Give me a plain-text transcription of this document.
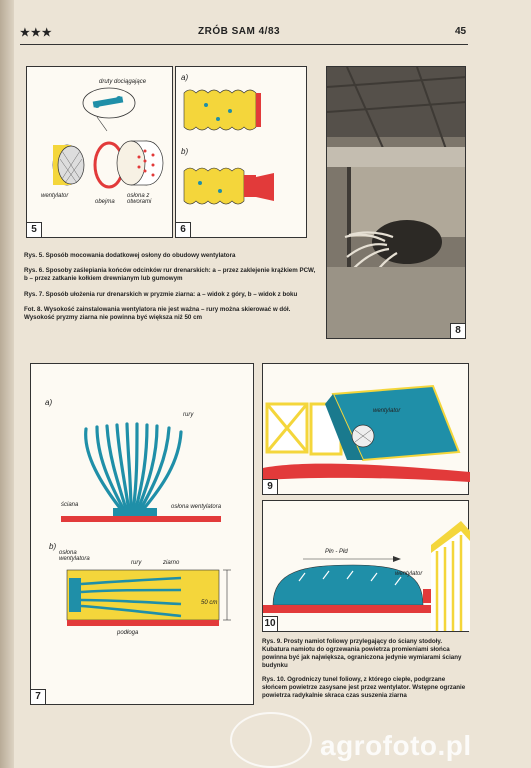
★★★	ZRÓB SAM 4/83	45
druty dociągające
wentylator
obejma
osłona z otworami
5
a)
b)
6
8
Rys. 5. Sposób mocowania dodatkowej osłony do obudowy wentylatora
Rys. 6. Sposoby zaślepiania końców odcinków rur drenarskich: a – przez zaklejenie krążkiem PCW, b – przez zatkanie kołkiem drewnianym lub gumowym
Rys. 7. Sposób ułożenia rur drenarskich w pryzmie ziarna: a – widok z góry, b – widok z boku
Fot. 8. Wysokość zainstalowania wentylatora nie jest ważna – rury można skierować w dół. Wysokość pryzmy ziarna nie powinna być większa niż 50 cm
a)
b)
rury
ściana	osłona wentylatora
osłona wentylatora
rury	ziarno
50 cm
podłoga
7
wentylator
9
Płn - Płd
wentylator
10
Rys. 9. Prosty namiot foliowy przylegający do ściany stodoły. Kubatura namiotu do ogrzewania powietrza promieniami słońca powinna być jak największa, ograniczona jedynie wymiarami ściany budynku
Rys. 10. Ogrodniczy tunel foliowy, z którego ciepłe, podgrzane słońcem powietrze zasysane jest przez wentylator. Wstępne ogrzanie powietrza radykalnie skraca czas suszenia ziarna
agrofoto.pl
